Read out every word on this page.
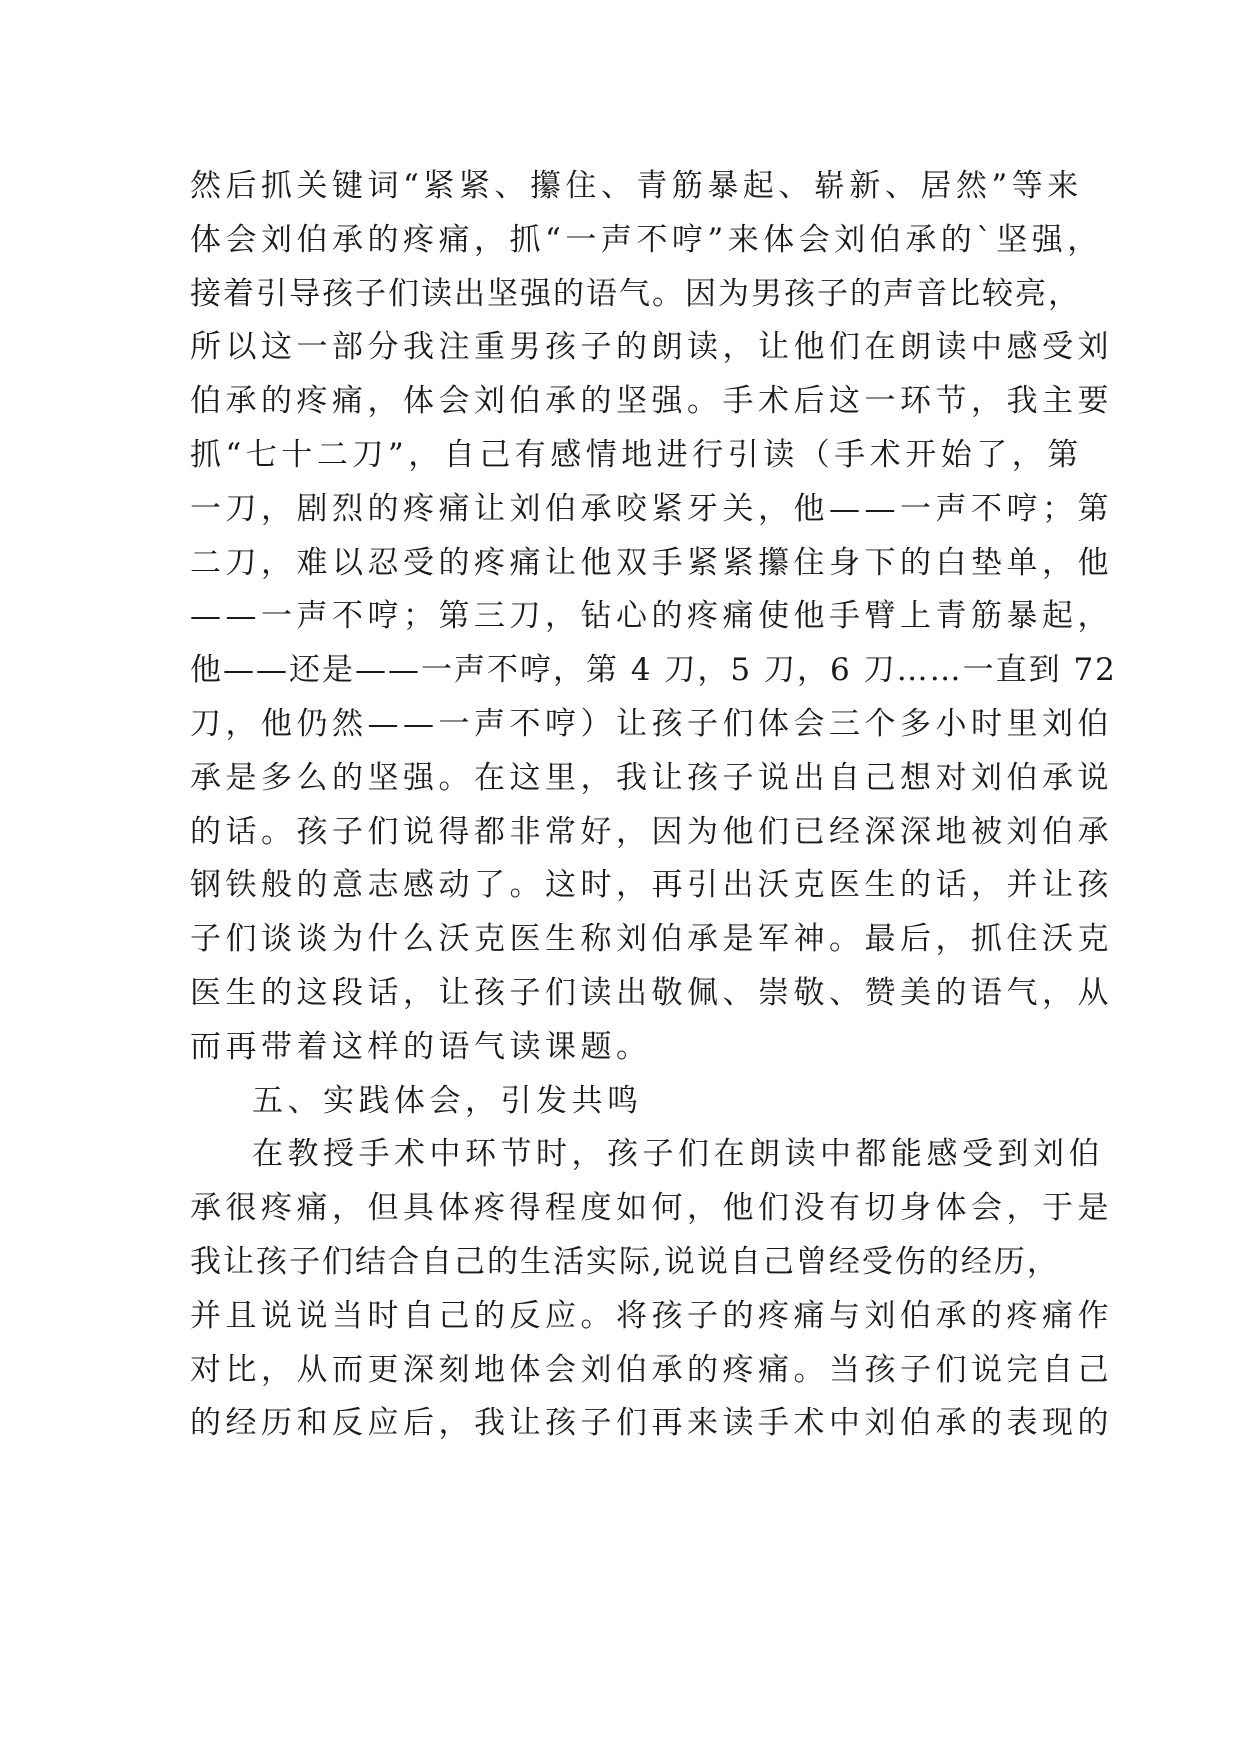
然后抓关键词“紧紧、攥住、青筋暴起、崭新、居然”等来
体会刘伯承的疼痛，抓“一声不哼”来体会刘伯承的`坚强，
接着引导孩子们读出坚强的语气。因为男孩子的声音比较亮，
所以这一部分我注重男孩子的朗读，让他们在朗读中感受刘
伯承的疼痛，体会刘伯承的坚强。手术后这一环节，我主要
抓“七十二刀”，自己有感情地进行引读（手术开始了，第
一刀，剧烈的疼痛让刘伯承咬紧牙关，他——一声不哼；第
二刀，难以忍受的疼痛让他双手紧紧攥住身下的白垫单，他
——一声不哼；第三刀，钻心的疼痛使他手臂上青筋暴起，
他——还是——一声不哼，第 4 刀，5 刀，6 刀……一直到 72
刀，他仍然——一声不哼）让孩子们体会三个多小时里刘伯
承是多么的坚强。在这里，我让孩子说出自己想对刘伯承说
的话。孩子们说得都非常好，因为他们已经深深地被刘伯承
钢铁般的意志感动了。这时，再引出沃克医生的话，并让孩
子们谈谈为什么沃克医生称刘伯承是军神。最后，抓住沃克
医生的这段话，让孩子们读出敬佩、崇敬、赞美的语气，从
而再带着这样的语气读课题。
五、实践体会，引发共鸣
在教授手术中环节时，孩子们在朗读中都能感受到刘伯
承很疼痛，但具体疼得程度如何，他们没有切身体会，于是
我让孩子们结合自己的生活实际,说说自己曾经受伤的经历，
并且说说当时自己的反应。将孩子的疼痛与刘伯承的疼痛作
对比，从而更深刻地体会刘伯承的疼痛。当孩子们说完自己
的经历和反应后，我让孩子们再来读手术中刘伯承的表现的
